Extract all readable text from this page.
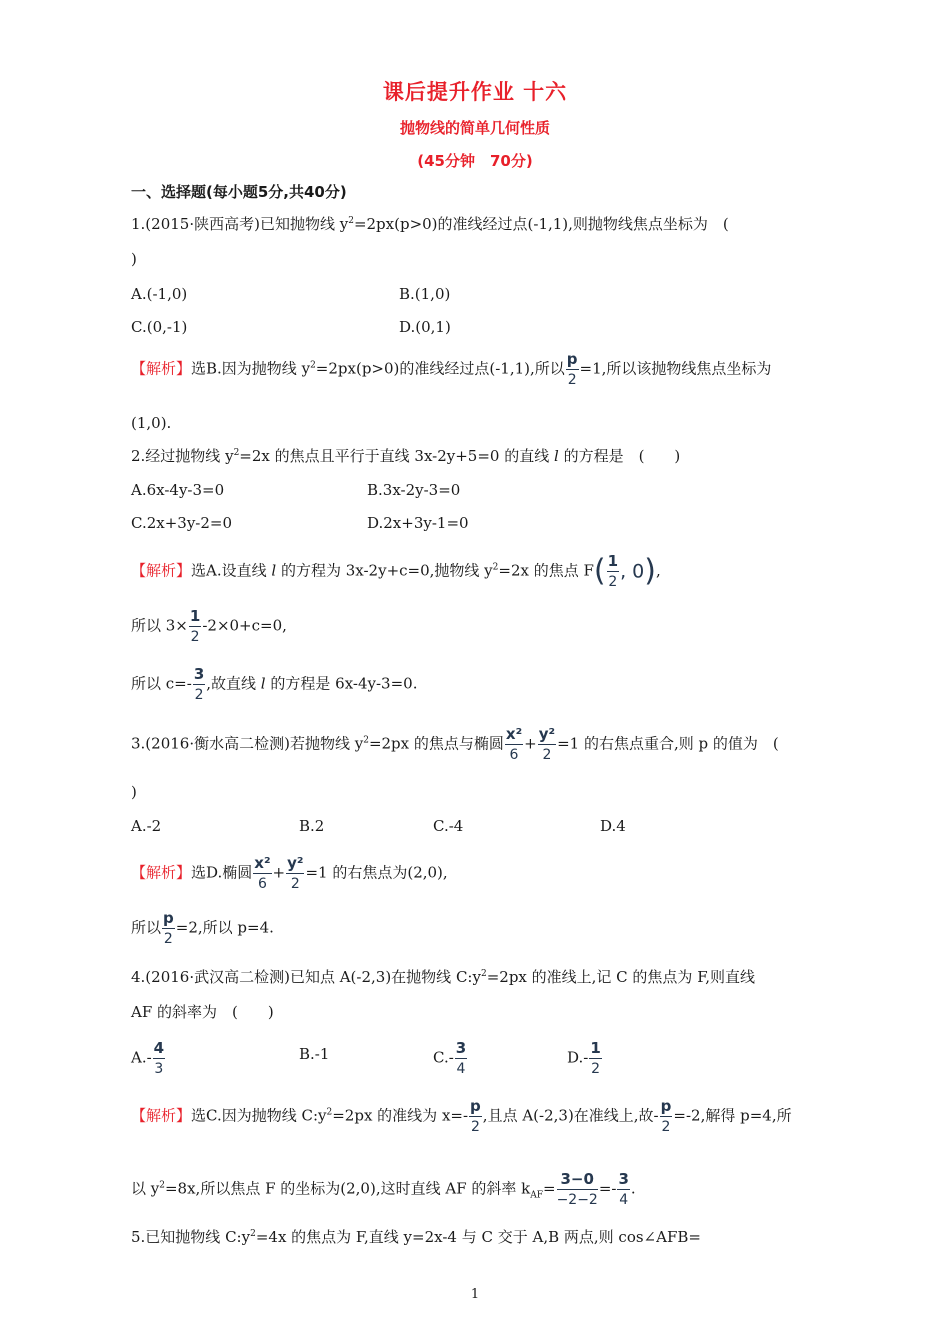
课后提升作业 十六
抛物线的简单几何性质
(45分钟　70分)
一、选择题(每小题5分,共40分)
1.(2015·陕西高考)已知抛物线 $y^2=2px(p>0)$的准线经过点(-1,1),则抛物线焦点坐标为　(
)
A.(-1,0)	B.(1,0)
C.(0,-1)	D.(0,1)
【解析】选B.因为抛物线 $y^2=2px(p>0)$的准线经过点(-1,1),所以 $\frac{p}{2} =1$,所以该抛物线焦点坐标为
(1,0).
2.经过抛物线 $y^2=2x$ 的焦点且平行于直线 3x-2y+5=0 的直线 l 的方程是　(　　)
A.6x-4y-3=0	B.3x-2y-3=0
C.2x+3y-2=0	D.2x+3y-1=0
【解析】选A.设直线 l 的方程为 3x-2y+c=0,抛物线 $y^2=2x$ 的焦点 $F( \frac{1}{2}$ , 0),
所以 $3\times \frac{1}{2} -2\times 0+c=0$,
所以 $c=- \frac{3}{2}$ ,故直线 l 的方程是 6x-4y-3=0.
3.(2016·衡水高二检测)若抛物线 $y^2=2px$ 的焦点与椭圆 $\frac{\text{x²}}{6} + \frac{\text{y²}}{2} =1$ 的右焦点重合,则 p 的值为　(
)
A.-2	B.2	C.-4	D.4
【解析】选D.椭圆 $\frac{\text{x²}}{6} + \frac{\text{y²}}{2} =1$ 的右焦点为(2,0),
所以 $\frac{p}{2} =2$,所以 p=4.
4.(2016·武汉高二检测)已知点 A(-2,3)在抛物线 $C:y^2=2px$ 的准线上,记 C 的焦点为 F,则直线
AF 的斜率为　(　　)
$A.- \frac{4}{3}$	B.-1	$C.- \frac{3}{4}$	$D.- \frac{1}{2}$
【解析】选C.因为抛物线 $C:y^2=2px$ 的准线为 $x=- \frac{p}{2}$ ,且点 A(-2,3)在准线上,故- $\frac{p}{2} =-2$,解得 p=4,所
以 $y^2=8x$,所以焦点 F 的坐标为(2,0),这时直线 AF 的斜率 $k_{AF}= \frac{3-0}{-2-2} =- \frac{3}{4}$ .
5.已知抛物线 $C:y^2=4x$ 的焦点为 F,直线 y=2x-4 与 C 交于 A,B 两点,则 cos∠AFB=
1
